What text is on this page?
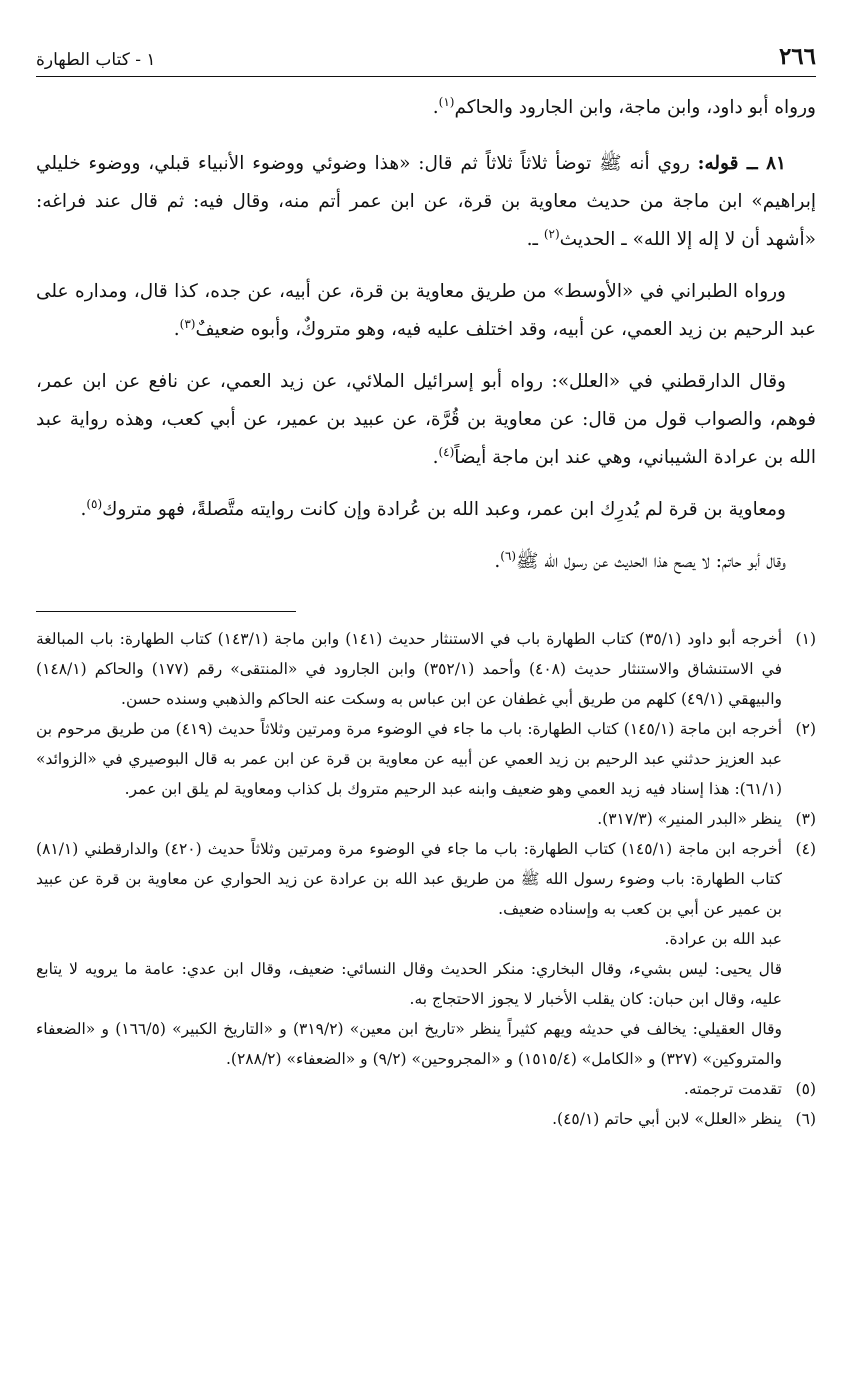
٢٦٦
١ - كتاب الطهارة

ورواه أبو داود، وابن ماجة، وابن الجارود والحاكم$^{(١)}$.

٨١ ــ قوله: روي أنه ﷺ توضأ ثلاثاً ثلاثاً ثم قال: «هذا وضوئي ووضوء الأنبياء قبلي، ووضوء خليلي إبراهيم» ابن ماجة من حديث معاوية بن قرة، عن ابن عمر أتم منه، وقال فيه: ثم قال عند فراغه: «أشهد أن لا إله إلا الله» ـ الحديث$^{(٢)}$ ـ.

ورواه الطبراني في «الأوسط» من طريق معاوية بن قرة، عن أبيه، عن جده، كذا قال، ومداره على عبد الرحيم بن زيد العمي، عن أبيه، وقد اختلف عليه فيه، وهو متروكٌ، وأبوه ضعيفٌ$^{(٣)}$.

وقال الدارقطني في «العلل»: رواه أبو إسرائيل الملائي، عن زيد العمي، عن نافع عن ابن عمر، فوهم، والصواب قول من قال: عن معاوية بن قُرَّة، عن عبيد بن عمير، عن أبي كعب، وهذه رواية عبد الله بن عرادة الشيباني، وهي عند ابن ماجة أيضاً$^{(٤)}$.

ومعاوية بن قرة لم يُدرِك ابن عمر، وعبد الله بن عُرادة وإن كانت روايته متَّصلةً، فهو متروك$^{(٥)}$.

وقال أبو حاتم: لا يصح هذا الحديث عن رسول الله ﷺ$^{(٦)}$.

(١)

أخرجه أبو داود (٣٥/١) كتاب الطهارة باب في الاستنثار حديث (١٤١) وابن ماجة (١٤٣/١) كتاب الطهارة: باب المبالغة في الاستنشاق والاستنثار حديث (٤٠٨) وأحمد (٣٥٢/١) وابن الجارود في «المنتقى» رقم (١٧٧) والحاكم (١٤٨/١) والبيهقي (٤٩/١) كلهم من طريق أبي غطفان عن ابن عباس به وسكت عنه الحاكم والذهبي وسنده حسن.

(٢)

أخرجه ابن ماجة (١٤٥/١) كتاب الطهارة: باب ما جاء في الوضوء مرة ومرتين وثلاثاً حديث (٤١٩) من طريق مرحوم بن عبد العزيز حدثني عبد الرحيم بن زيد العمي عن أبيه عن معاوية بن قرة عن ابن عمر به قال البوصيري في «الزوائد» (٦١/١): هذا إسناد فيه زيد العمي وهو ضعيف وابنه عبد الرحيم متروك بل كذاب ومعاوية لم يلق ابن عمر.

(٣)

ينظر «البدر المنير» (٣١٧/٣).

(٤)

أخرجه ابن ماجة (١٤٥/١) كتاب الطهارة: باب ما جاء في الوضوء مرة ومرتين وثلاثاً حديث (٤٢٠) والدارقطني (٨١/١) كتاب الطهارة: باب وضوء رسول الله ﷺ من طريق عبد الله بن عرادة عن زيد الحواري عن معاوية بن قرة عن عبيد بن عمير عن أبي بن كعب به وإسناده ضعيف.

عبد الله بن عرادة.

قال يحيى: ليس بشيء، وقال البخاري: منكر الحديث وقال النسائي: ضعيف، وقال ابن عدي: عامة ما يرويه لا يتابع عليه، وقال ابن حبان: كان يقلب الأخبار لا يجوز الاحتجاج به.

وقال العقيلي: يخالف في حديثه ويهم كثيراً ينظر «تاريخ ابن معين» (٣١٩/٢) و «التاريخ الكبير» (١٦٦/٥) و «الضعفاء والمتروكين» (٣٢٧) و «الكامل» (١٥١٥/٤) و «المجروحين» (٩/٢) و «الضعفاء» (٢٨٨/٢).

(٥)

تقدمت ترجمته.

(٦)

ينظر «العلل» لابن أبي حاتم (٤٥/١).
